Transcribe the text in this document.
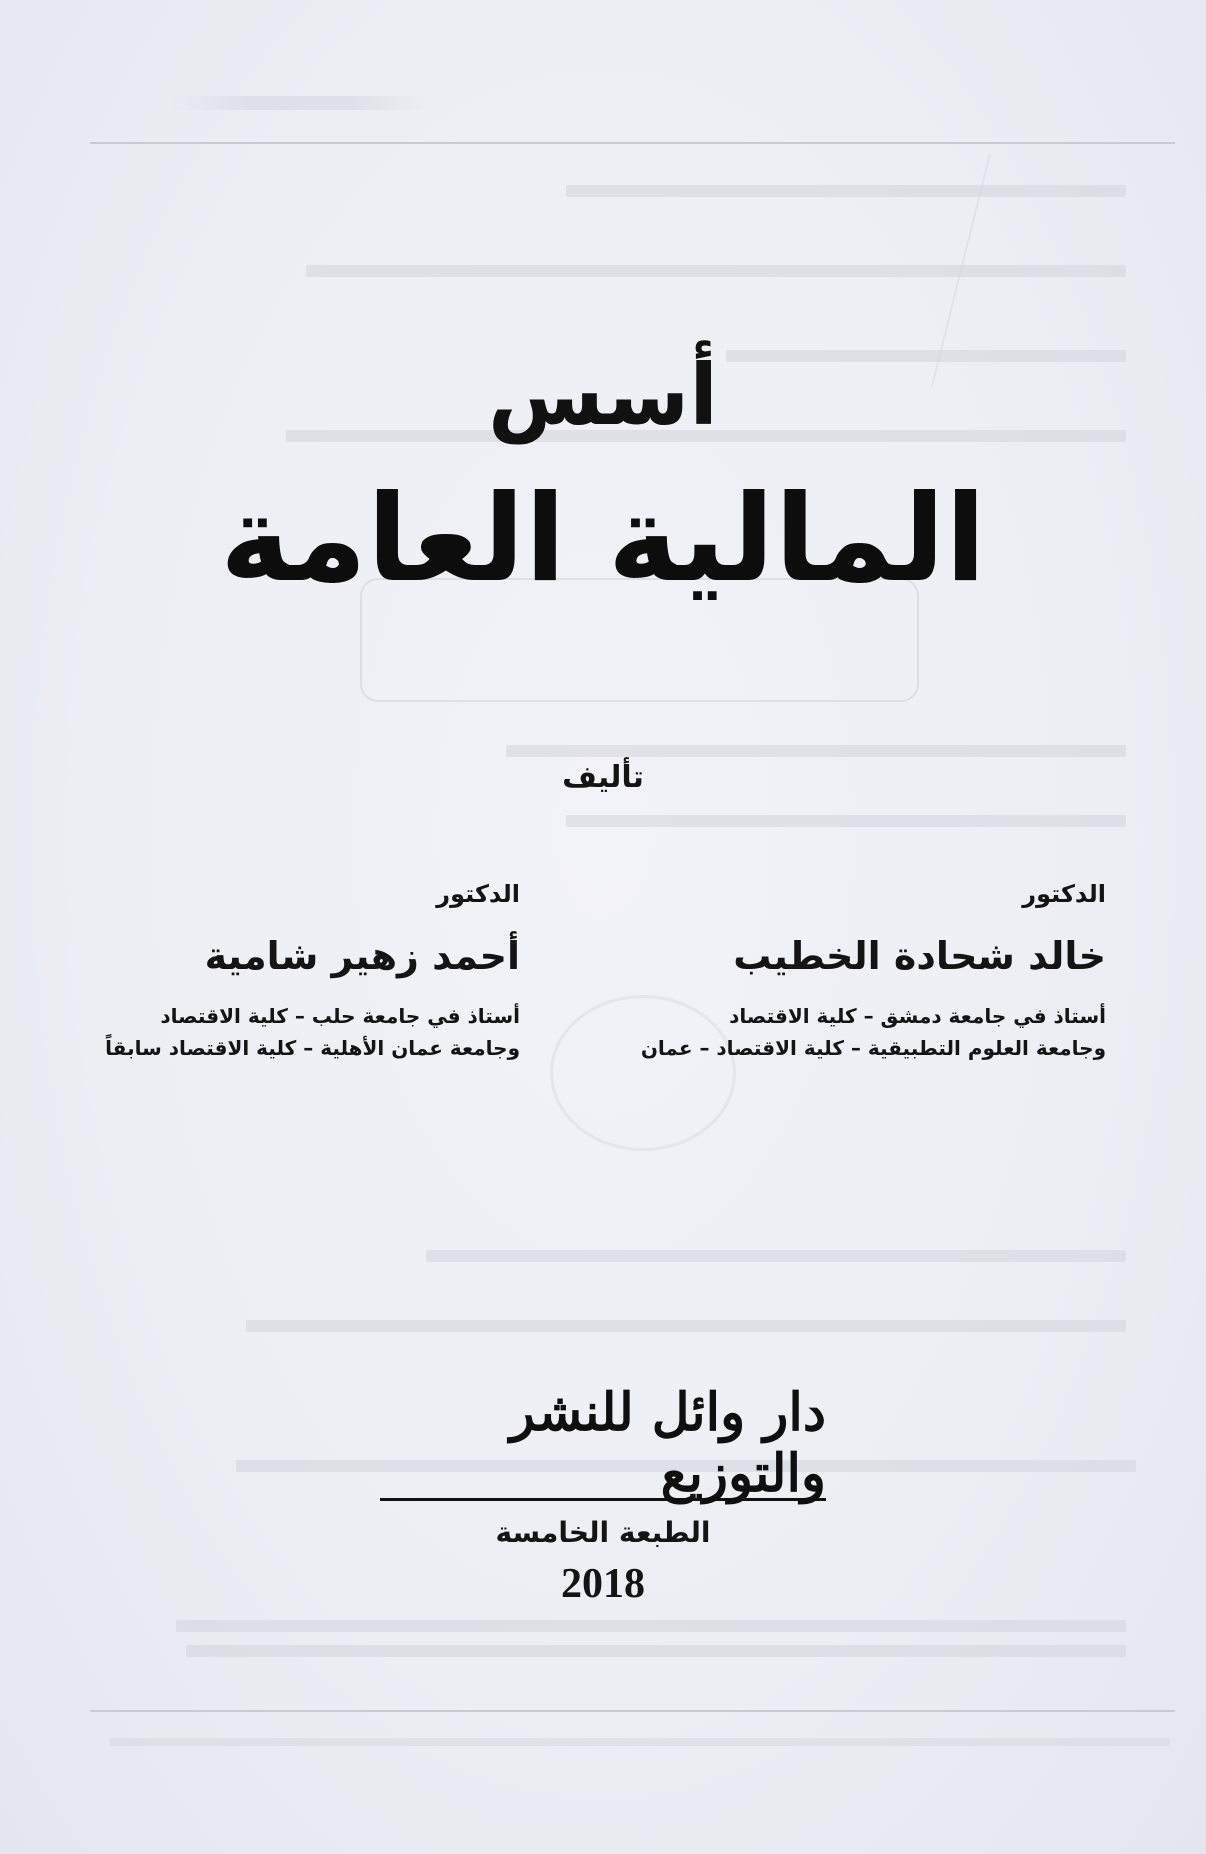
أسس
المالية العامة
تأليف
الدكتور
خالد شحادة الخطيب
أستاذ في جامعة دمشق – كلية الاقتصاد
وجامعة العلوم التطبيقية – كلية الاقتصاد – عمان
الدكتور
أحمد زهير شامية
أستاذ في جامعة حلب – كلية الاقتصاد
وجامعة عمان الأهلية – كلية الاقتصاد سابقاً
دار وائل للنشر والتوزيع
الطبعة الخامسة
2018
